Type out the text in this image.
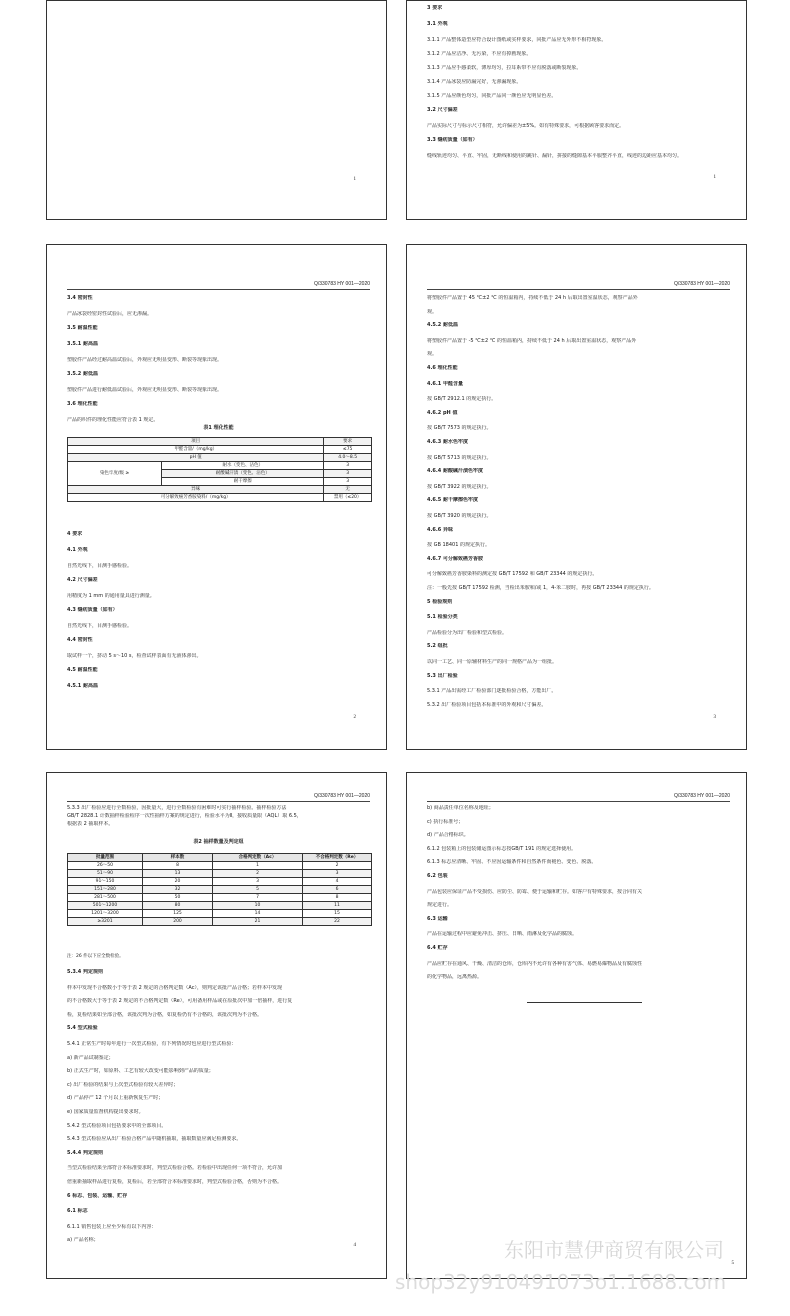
1
3 要求
3.1 外观
3.1.1 产品整体造型应符合设计图纸或实样要求，同批产品应无外形不相符现象。
3.1.2 产品应洁净、无污染，不应有掉画现象。
3.1.3 产品应手感柔软，薄厚均匀，拉耳系带不应有脱落或断裂现象。
3.1.4 产品冰袋应防漏完好，无渗漏现象。
3.1.5 产品应颜色均匀，同批产品同一颜色应无明显色差。
3.2 尺寸偏差
产品实际尺寸与标示尺寸相符，允许偏差为±5%。如有特殊要求，可根据顾客要求而定。
3.3 缝纫质量（如有）
缝线轨迹均匀、平直、牢固，无断线和使用的跳针、漏针，拼接的缝隙基本平服整齐平直，线迹的边距应基本均匀。
1
Q/330783 HY 001—2020
3.4 密封性
产品冰袋经密封性试验后，应无渗漏。
3.5 耐温性能
3.5.1 耐高温
塑胶件产品经过耐高温试验后，外观应无明显变形、断裂等现象出现。
3.5.2 耐低温
塑胶件产品进行耐低温试验后，外观应无明显变形、断裂等现象出现。
3.6 理化性能
产品的织件的理化性能应符合表 1 规定。
表1 理化性能
项目		要求
甲醛含量/（mg/kg）		≤75
pH 值		4.0～8.5
染色牢度/级 ≥	耐水（变色、沾色）	3
	耐酸碱汗渍（变色、沾色）	3
	耐干摩擦	3
异味		无
可分解致癌芳香胺染料/（mg/kg）		禁用（≤20）
4 要求
4.1 外观
自然光线下，目测手感检验。
4.2 尺寸偏差
用精度为 1 mm 的通用量具进行测量。
4.3 缝纫质量（如有）
自然光线下，目测手感检验。
4.4 密封性
取试样一个，挤动 5 s～10 s，检查试样表面有无液体渗出。
4.5 耐温性能
4.5.1 耐高温
2
Q/330783 HY 001—2020
将塑胶件产品置于 45 ℃±2 ℃ 的恒温箱内，持续不低于 24 h 后取出置室温状态，观察产品外
观。
4.5.2 耐低温
将塑胶件产品置于 -5 ℃±2 ℃ 的恒温箱内，持续不低于 24 h 后取出置室温状态，观察产品外
观。
4.6 理化性能
4.6.1 甲醛含量
按 GB/T 2912.1 的规定执行。
4.6.2 pH 值
按 GB/T 7573 的规定执行。
4.6.3 耐水色牢度
按 GB/T 5713 的规定执行。
4.6.4 耐酸碱汗渍色牢度
按 GB/T 3922 的规定执行。
4.6.5 耐干摩擦色牢度
按 GB/T 3920 的规定执行。
4.6.6 异味
按 GB 18401 的规定执行。
4.6.7 可分解致癌芳香胺
可分解致癌芳香胺染料的测定按 GB/T 17592 和 GB/T 23344 的规定执行。
注：一般先按 GB/T 17592 检测，当检出苯胺和/或 1，4-苯二胺时，再按 GB/T 23344 的规定执行。
5 检验规则
5.1 检验分类
产品检验分为出厂检验和型式检验。
5.2 组批
以同一工艺、同一原辅材料生产的同一规格产品为一组批。
5.3 出厂检验
5.3.1 产品出需经工厂检验部门逐批检验合格，方能出厂。
5.3.2 出厂检验项目包括本标准中的外观和尺寸偏差。
3
Q/330783 HY 001—2020
5.3.3 出厂检验应进行全数检验，因批量大，进行全数检验有困难时可实行抽样检验。抽样检验方法
GB/T 2828.1 计数抽样检验程序一次性抽样方案的规定进行，检验水平为Ⅱ，接收质量限（AQL）取 6.5，
根据表 2 抽取样本。
表2 抽样数量及判定组
批量范围	样本数	合格判定数（Ac）	不合格判定数（Re）
26～50	8	1	2
51～90	13	2	3
91～150	20	3	4
151～280	32	5	6
281～500	50	7	8
501～1200	80	10	11
1201～3200	125	14	15
≥3201	200	21	22
注：26 件以下应全数检验。
5.3.4 判定规则
样本中发现不合格数小于等于表 2 规定的合格判定数（Ac），则判定该批产品合格；若样本中发现
的不合格数大于等于表 2 规定的不合格判定数（Re），可用备用样品或在原批次中加一倍抽样，进行复
检，复检结果如全部合格，该批次判为合格，如复检仍有不合格的，该批次判为不合格。
5.4 型式检验
5.4.1 正常生产时每年进行一次型式检验，有下列情况时也应进行型式检验：
a) 新产品试制鉴定；
b) 正式生产时，如原料、工艺有较大改变可能影响到产品的质量；
c) 出厂检验的结果与上次型式检验有较大差异时；
d) 产品停产 12 个月以上重新恢复生产时；
e) 国家质量监督机构提出要求时。
5.4.2 型式检验项目包括要求中的全部项目。
5.4.3 型式检验应从出厂检验合格产品中随机抽取，抽取数量应满足检测要求。
5.4.4 判定规则
当型式检验结果全部符合本标准要求时，判型式检验合格。若检验中出现任何一项不符合，允许加
倍重新抽取样品进行复检，复检后，若全部符合本标准要求时，判型式检验合格，否则为不合格。
6 标志、包装、运输、贮存
6.1 标志
6.1.1 销售包装上应至少标有以下内容：
a) 产品名称；
4
Q/330783 HY 001—2020
b) 商品责任单位名称及地址；
c) 执行标准号；
d) 产品合格标识。
6.1.2 包装箱上的包装储运图示标志按GB/T 191 的规定选择使用。
6.1.3 标志应清晰、牢固、不应因运输条件和自然条件而褪色、变色、脱落。
6.2 包装
产品包装应保证产品不受损伤、应防尘、防霉、便于运输和贮存。如客户有特殊要求，按合同有关
规定进行。
6.3 运输
产品在运输过程中应避免冲击、挤压、日晒、雨淋及化学品的腐蚀。
6.4 贮存
产品应贮存在通风、干燥、清洁的仓库，仓库内不允许有各种有害气体、易燃易爆物品及有腐蚀性
的化学物品，远离热源。
5
东阳市慧伊商贸有限公司
shop32y910491073o1.1688.com
